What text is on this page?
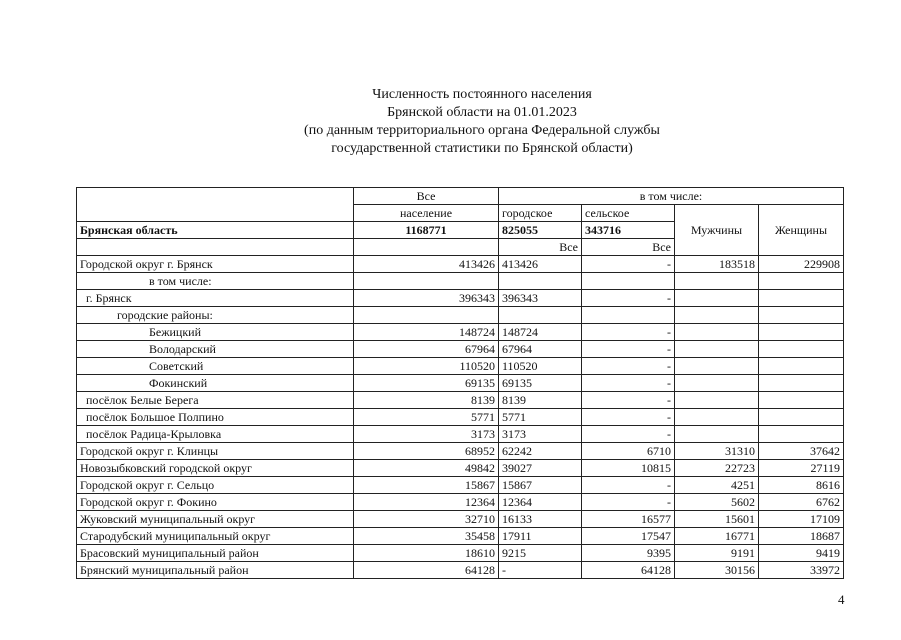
Численность постоянного населения
Брянской области на 01.01.2023
(по данным территориального органа Федеральной службы
государственной статистики по Брянской области)
	Все	в том числе:			
	население	городское	сельское	Мужчины	Женщины
Брянская область	1168771	825055	343716		
		Все	Все		
Городской округ г. Брянск	413426	413426	-	183518	229908
в том числе:					
г. Брянск	396343	396343	-		
городские районы:					
Бежицкий	148724	148724	-		
Володарский	67964	67964	-		
Советский	110520	110520	-		
Фокинский	69135	69135	-		
посёлок Белые Берега	8139	8139	-		
посёлок Большое Полпино	5771	5771	-		
посёлок Радица-Крыловка	3173	3173	-		
Городской округ г. Клинцы	68952	62242	6710	31310	37642
Новозыбковский городской округ	49842	39027	10815	22723	27119
Городской округ г. Сельцо	15867	15867	-	4251	8616
Городской округ г. Фокино	12364	12364	-	5602	6762
Жуковский муниципальный округ	32710	16133	16577	15601	17109
Стародубский муниципальный округ	35458	17911	17547	16771	18687
Брасовский муниципальный район	18610	9215	9395	9191	9419
Брянский муниципальный район	64128	-	64128	30156	33972
4
